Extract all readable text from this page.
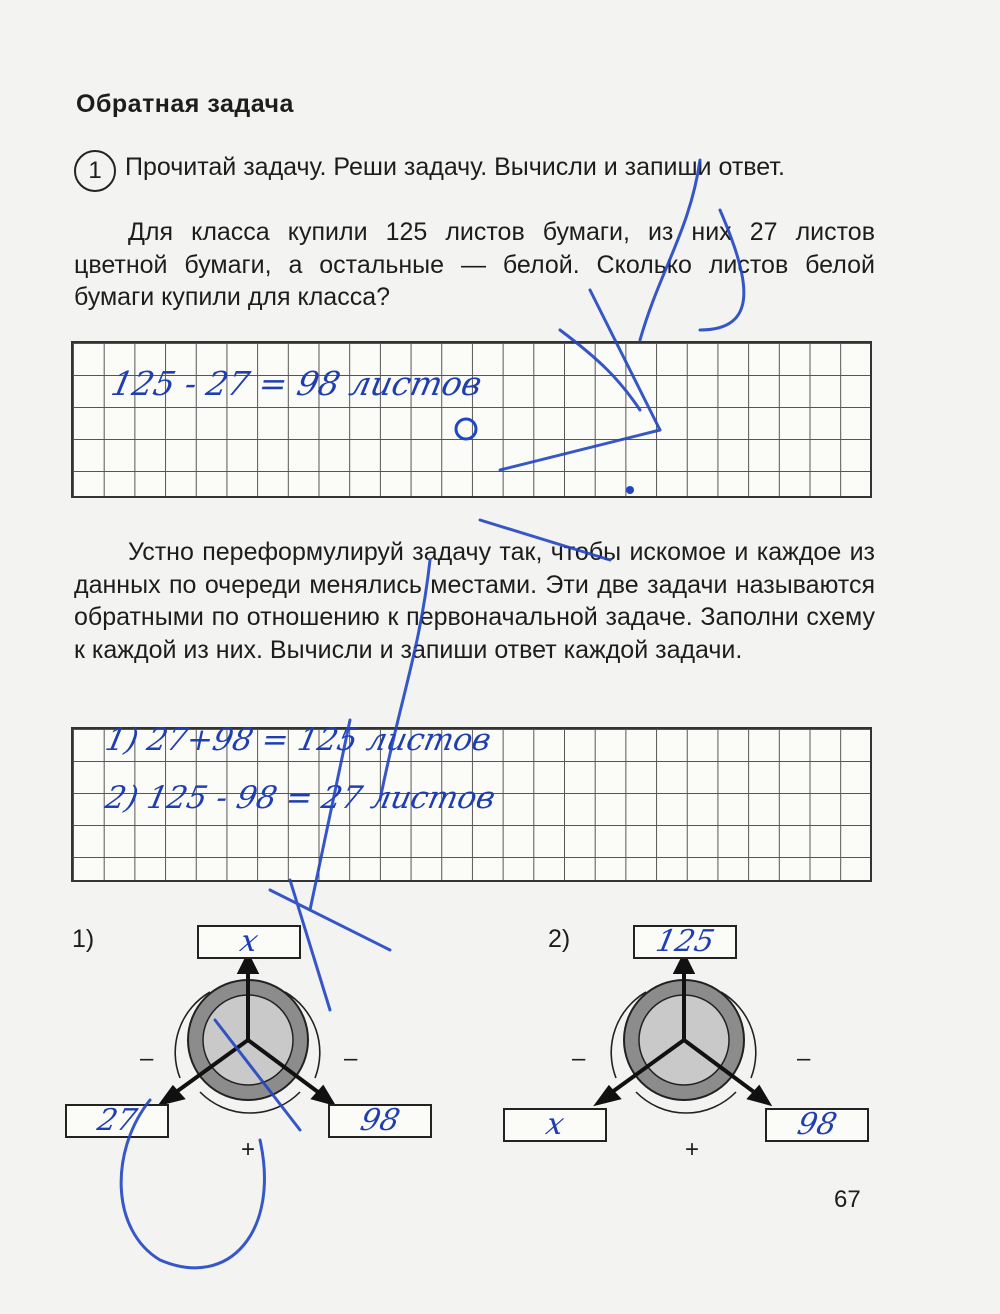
Обратная задача
1 Прочитай задачу. Реши задачу. Вычисли и запиши ответ.

Для класса купили 125 листов бумаги, из них 27 листов цветной бумаги, а остальные — белой. Сколько листов белой бумаги купили для класса?

125 - 27 = 98 листов

Устно переформулируй задачу так, чтобы искомое и каждое из данных по очереди менялись местами. Эти две задачи называются обратными по отношению к первоначальной задаче. Заполни схему к каждой из них. Вычисли и запиши ответ каждой задачи.

1) 27+98 = 125 листов
2) 125 - 98 = 27 листов
1)	x
27	98
–	–
+
2)	125
x	98
–	–
+
67
